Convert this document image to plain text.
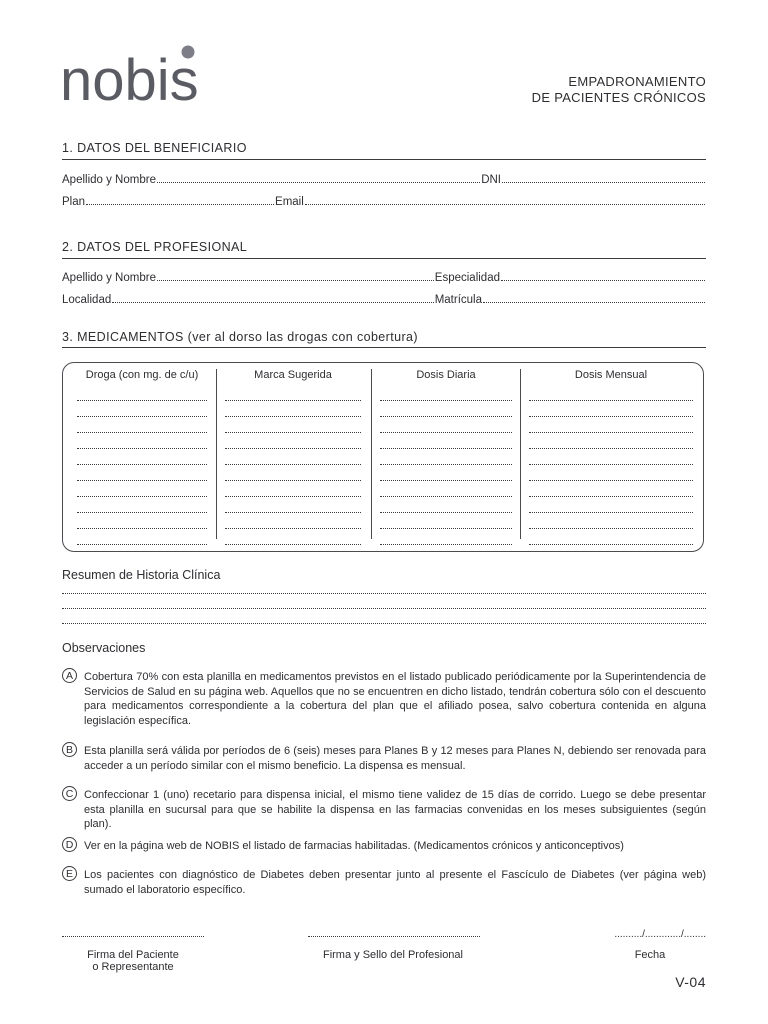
nobis	EMPADRONAMIENTO
DE PACIENTES CRÓNICOS
1. DATOS DEL BENEFICIARIO
Apellido y Nombre	DNI
Plan	Email
2. DATOS DEL PROFESIONAL
Apellido y Nombre	Especialidad
Localidad	Matrícula
3. MEDICAMENTOS (ver al dorso las drogas con cobertura)
Droga (con mg. de c/u)	Marca Sugerida	Dosis Diaria	Dosis Mensual
Resumen de Historia Clínica
Observaciones
A	Cobertura 70% con esta planilla en medicamentos previstos en el listado publicado periódicamente por la Superintendencia de Servicios de Salud en su página web. Aquellos que no se encuentren en dicho listado, tendrán cobertura sólo con el descuento para medicamentos correspondiente a la cobertura del plan que el afiliado posea, salvo cobertura contenida en alguna legislación específica.
B	Esta planilla será válida por períodos de 6 (seis) meses para Planes B y 12 meses para Planes N, debiendo ser renovada para acceder a un período similar con el mismo beneficio. La dispensa es mensual.
C Confeccionar 1 (uno) recetario para dispensa inicial, el mismo tiene validez de 15 días de corrido. Luego se debe presentar esta planilla en sucursal para que se habilite la dispensa en las farmacias convenidas en los meses subsiguientes (según plan).
D Ver en la página web de NOBIS el listado de farmacias habilitadas. (Medicamentos crónicos y anticonceptivos)
E	Los pacientes con diagnóstico de Diabetes deben presentar junto al presente el Fascículo de Diabetes (ver página web) sumado el laboratorio específico.
........../............./........
Firma del Paciente
o Representante
Firma y Sello del Profesional	Fecha
V-04
